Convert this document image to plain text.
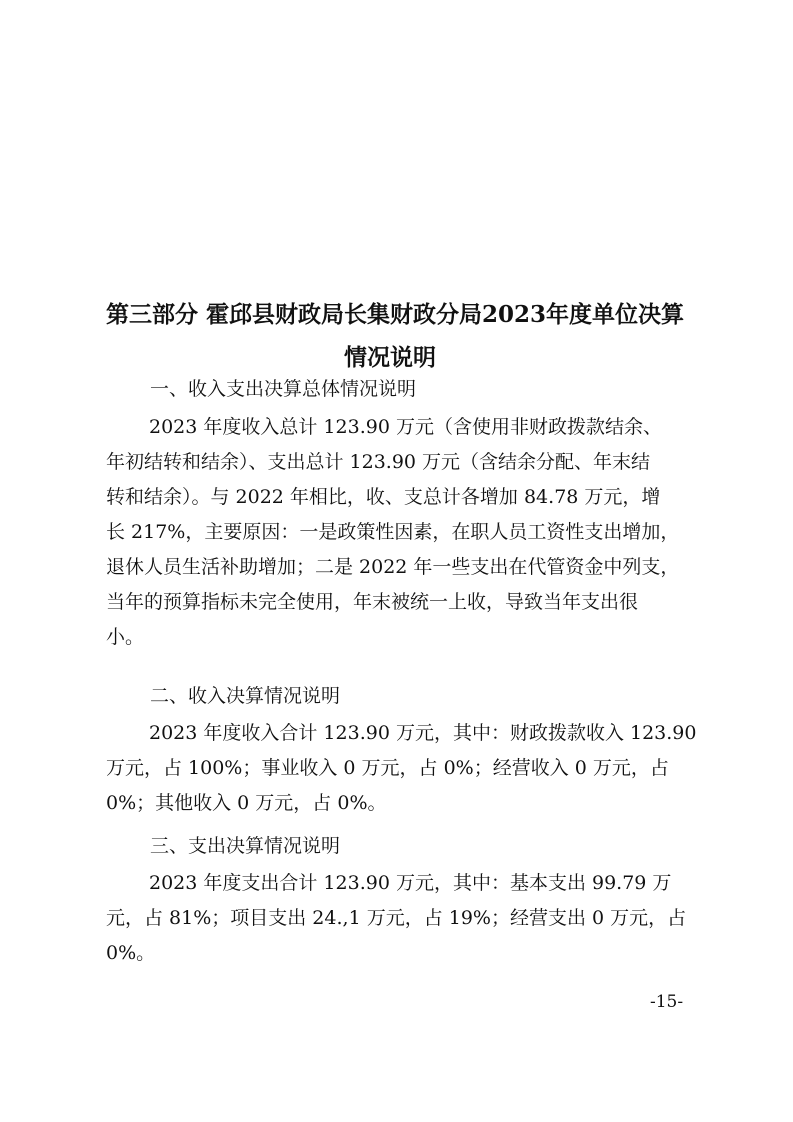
第三部分 霍邱县财政局长集财政分局2023年度单位决算
情况说明
一、收入支出决算总体情况说明
2023 年度收入总计 123.90 万元（含使用非财政拨款结余、
年初结转和结余）、支出总计 123.90 万元（含结余分配、年末结
转和结余）。与 2022 年相比，收、支总计各增加 84.78 万元，增
长 217%，主要原因：一是政策性因素，在职人员工资性支出增加，
退休人员生活补助增加；二是 2022 年一些支出在代管资金中列支，
当年的预算指标未完全使用，年末被统一上收，导致当年支出很
小。
二、收入决算情况说明
2023 年度收入合计 123.90 万元，其中：财政拨款收入 123.90
万元，占 100%；事业收入 0 万元，占 0%；经营收入 0 万元，占
0%；其他收入 0 万元，占 0%。
三、支出决算情况说明
2023 年度支出合计 123.90 万元，其中：基本支出 99.79 万
元，占 81%；项目支出 24.,1 万元，占 19%；经营支出 0 万元，占
0%。
-15-
